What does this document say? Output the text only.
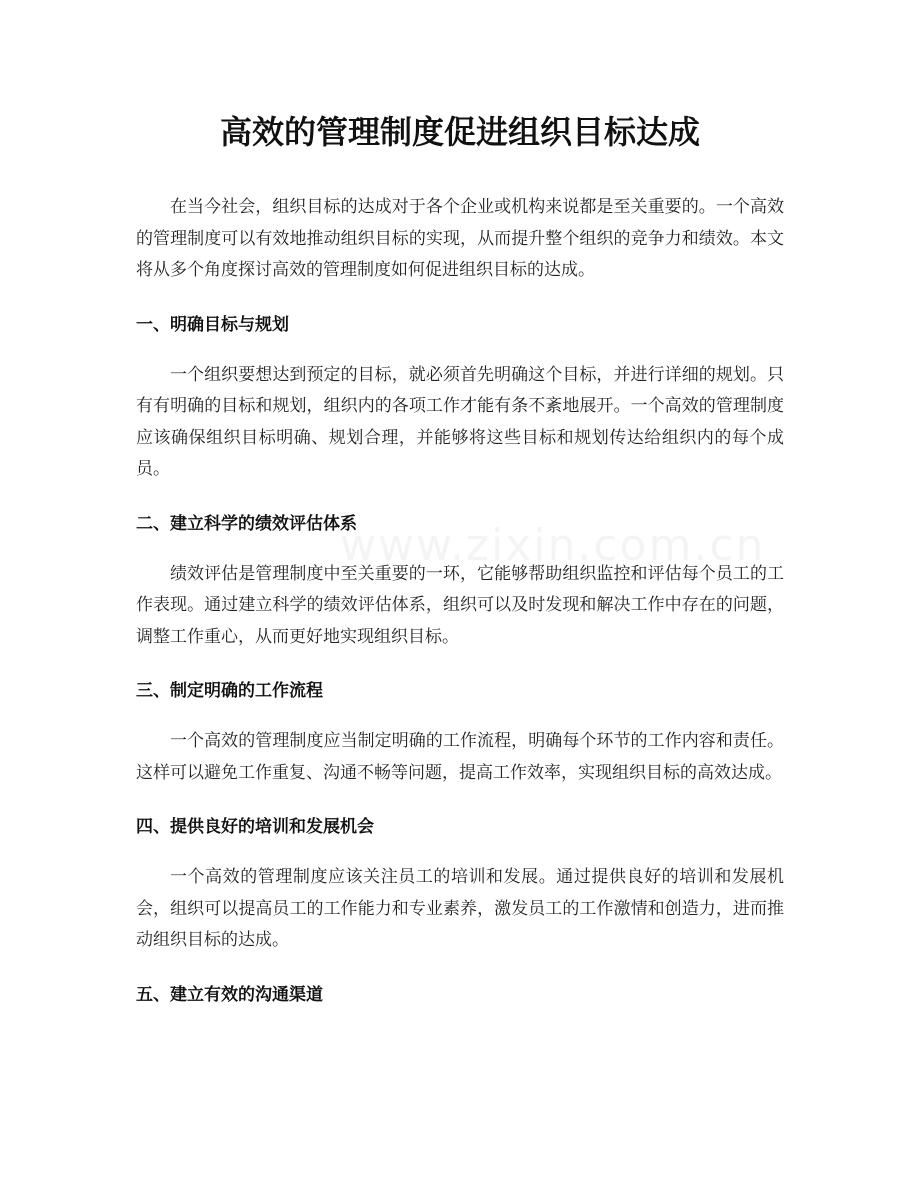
高效的管理制度促进组织目标达成

在当今社会，组织目标的达成对于各个企业或机构来说都是至关重要的。一个高效的管理制度可以有效地推动组织目标的实现，从而提升整个组织的竞争力和绩效。本文将从多个角度探讨高效的管理制度如何促进组织目标的达成。

一、明确目标与规划

一个组织要想达到预定的目标，就必须首先明确这个目标，并进行详细的规划。只有有明确的目标和规划，组织内的各项工作才能有条不紊地展开。一个高效的管理制度应该确保组织目标明确、规划合理，并能够将这些目标和规划传达给组织内的每个成员。

二、建立科学的绩效评估体系

绩效评估是管理制度中至关重要的一环，它能够帮助组织监控和评估每个员工的工作表现。通过建立科学的绩效评估体系，组织可以及时发现和解决工作中存在的问题，调整工作重心，从而更好地实现组织目标。

三、制定明确的工作流程

一个高效的管理制度应当制定明确的工作流程，明确每个环节的工作内容和责任。这样可以避免工作重复、沟通不畅等问题，提高工作效率，实现组织目标的高效达成。

四、提供良好的培训和发展机会

一个高效的管理制度应该关注员工的培训和发展。通过提供良好的培训和发展机会，组织可以提高员工的工作能力和专业素养，激发员工的工作激情和创造力，进而推动组织目标的达成。

五、建立有效的沟通渠道
www.zixin.com.cn
